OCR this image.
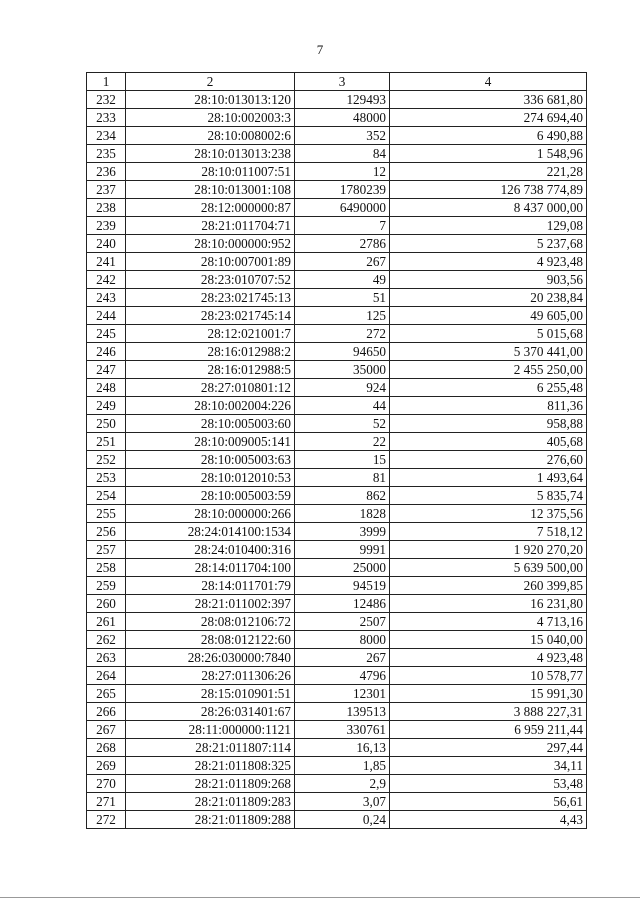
7
1	2	3	4
232	28:10:013013:120	129493	336 681,80
233	28:10:002003:3	48000	274 694,40
234	28:10:008002:6	352	6 490,88
235	28:10:013013:238	84	1 548,96
236	28:10:011007:51	12	221,28
237	28:10:013001:108	1780239	126 738 774,89
238	28:12:000000:87	6490000	8 437 000,00
239	28:21:011704:71	7	129,08
240	28:10:000000:952	2786	5 237,68
241	28:10:007001:89	267	4 923,48
242	28:23:010707:52	49	903,56
243	28:23:021745:13	51	20 238,84
244	28:23:021745:14	125	49 605,00
245	28:12:021001:7	272	5 015,68
246	28:16:012988:2	94650	5 370 441,00
247	28:16:012988:5	35000	2 455 250,00
248	28:27:010801:12	924	6 255,48
249	28:10:002004:226	44	811,36
250	28:10:005003:60	52	958,88
251	28:10:009005:141	22	405,68
252	28:10:005003:63	15	276,60
253	28:10:012010:53	81	1 493,64
254	28:10:005003:59	862	5 835,74
255	28:10:000000:266	1828	12 375,56
256	28:24:014100:1534	3999	7 518,12
257	28:24:010400:316	9991	1 920 270,20
258	28:14:011704:100	25000	5 639 500,00
259	28:14:011701:79	94519	260 399,85
260	28:21:011002:397	12486	16 231,80
261	28:08:012106:72	2507	4 713,16
262	28:08:012122:60	8000	15 040,00
263	28:26:030000:7840	267	4 923,48
264	28:27:011306:26	4796	10 578,77
265	28:15:010901:51	12301	15 991,30
266	28:26:031401:67	139513	3 888 227,31
267	28:11:000000:1121	330761	6 959 211,44
268	28:21:011807:114	16,13	297,44
269	28:21:011808:325	1,85	34,11
270	28:21:011809:268	2,9	53,48
271	28:21:011809:283	3,07	56,61
272	28:21:011809:288	0,24	4,43
